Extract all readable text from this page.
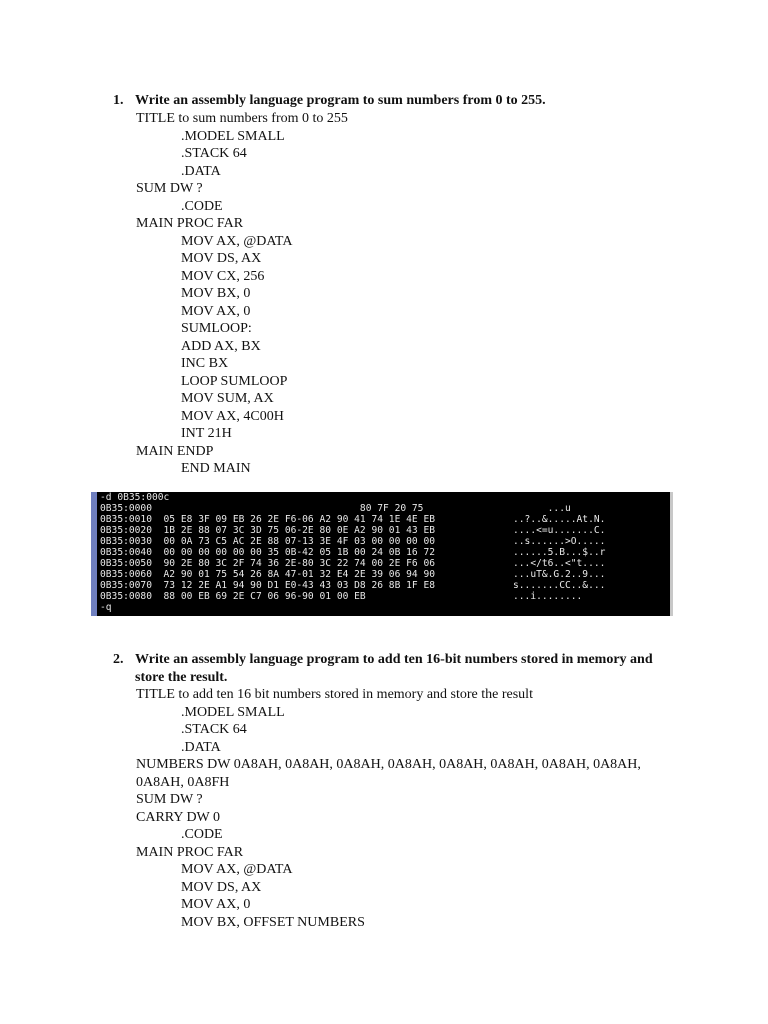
1. Write an assembly language program to sum numbers from 0 to 255.
TITLE to sum numbers from 0 to 255
.MODEL SMALL
.STACK 64
.DATA
SUM DW ?
.CODE
MAIN PROC FAR
MOV AX, @DATA
MOV DS, AX
MOV CX, 256
MOV BX, 0
MOV AX, 0
SUMLOOP:
ADD AX, BX
INC BX
LOOP SUMLOOP
MOV SUM, AX
MOV AX, 4C00H
INT 21H
MAIN ENDP
END MAIN
-d 0B35:000c
0B35:0000                                    80 7F 20 75	...u
0B35:0010  05 E8 3F 09 EB 26 2E F6-06 A2 90 41 74 1E 4E EB	..?..&.....At.N.
0B35:0020  1B 2E 88 07 3C 3D 75 06-2E 80 0E A2 90 01 43 EB	....<=u.......C.
0B35:0030  00 0A 73 C5 AC 2E 88 07-13 3E 4F 03 00 00 00 00	..s......>O.....
0B35:0040  00 00 00 00 00 00 35 0B-42 05 1B 00 24 0B 16 72	......5.B...$..r
0B35:0050  90 2E 80 3C 2F 74 36 2E-80 3C 22 74 00 2E F6 06	...</t6..<"t....
0B35:0060  A2 90 01 75 54 26 8A 47-01 32 E4 2E 39 06 94 90	...uT&.G.2..9...
0B35:0070  73 12 2E A1 94 90 D1 E0-43 43 03 D8 26 8B 1F E8	s.......CC..&...
0B35:0080  88 00 EB 69 2E C7 06 96-90 01 00 EB	...i........
-q
2. Write an assembly language program to add ten 16-bit numbers stored in memory and store the result.
TITLE to add ten 16 bit numbers stored in memory and store the result
.MODEL SMALL
.STACK 64
.DATA
NUMBERS DW 0A8AH, 0A8AH, 0A8AH, 0A8AH, 0A8AH, 0A8AH, 0A8AH, 0A8AH,
0A8AH, 0A8FH
SUM DW ?
CARRY DW 0
.CODE
MAIN PROC FAR
MOV AX, @DATA
MOV DS, AX
MOV AX, 0
MOV BX, OFFSET NUMBERS
